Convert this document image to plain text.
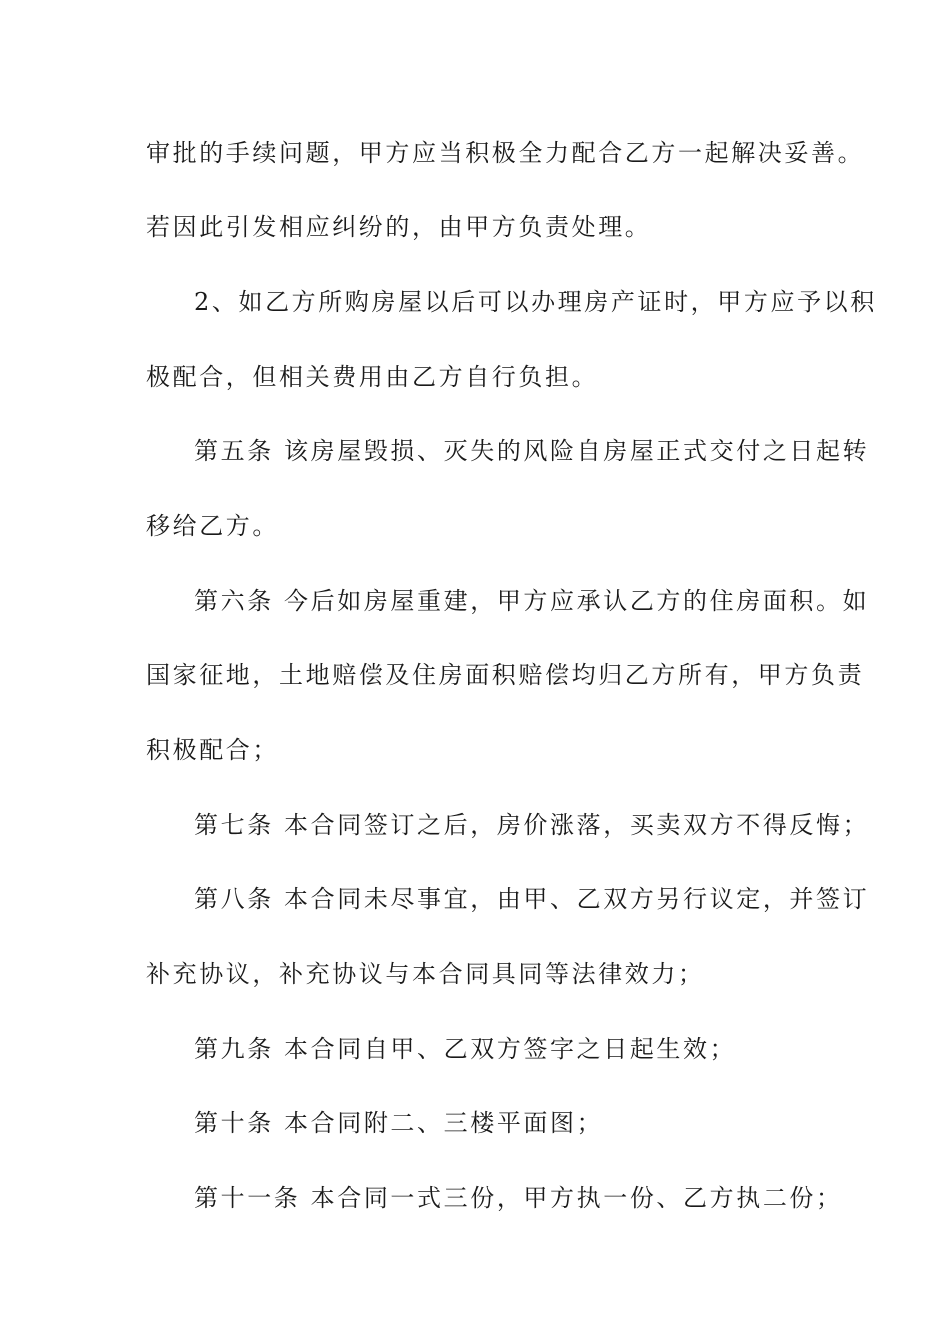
审批的手续问题，甲方应当积极全力配合乙方一起解决妥善。
若因此引发相应纠纷的，由甲方负责处理。
2、如乙方所购房屋以后可以办理房产证时，甲方应予以积
极配合，但相关费用由乙方自行负担。
第五条 该房屋毁损、灭失的风险自房屋正式交付之日起转
移给乙方。
第六条 今后如房屋重建，甲方应承认乙方的住房面积。如
国家征地，土地赔偿及住房面积赔偿均归乙方所有，甲方负责
积极配合；
第七条 本合同签订之后，房价涨落，买卖双方不得反悔；
第八条 本合同未尽事宜，由甲、乙双方另行议定，并签订
补充协议，补充协议与本合同具同等法律效力；
第九条 本合同自甲、乙双方签字之日起生效；
第十条 本合同附二、三楼平面图；
第十一条 本合同一式三份，甲方执一份、乙方执二份；
